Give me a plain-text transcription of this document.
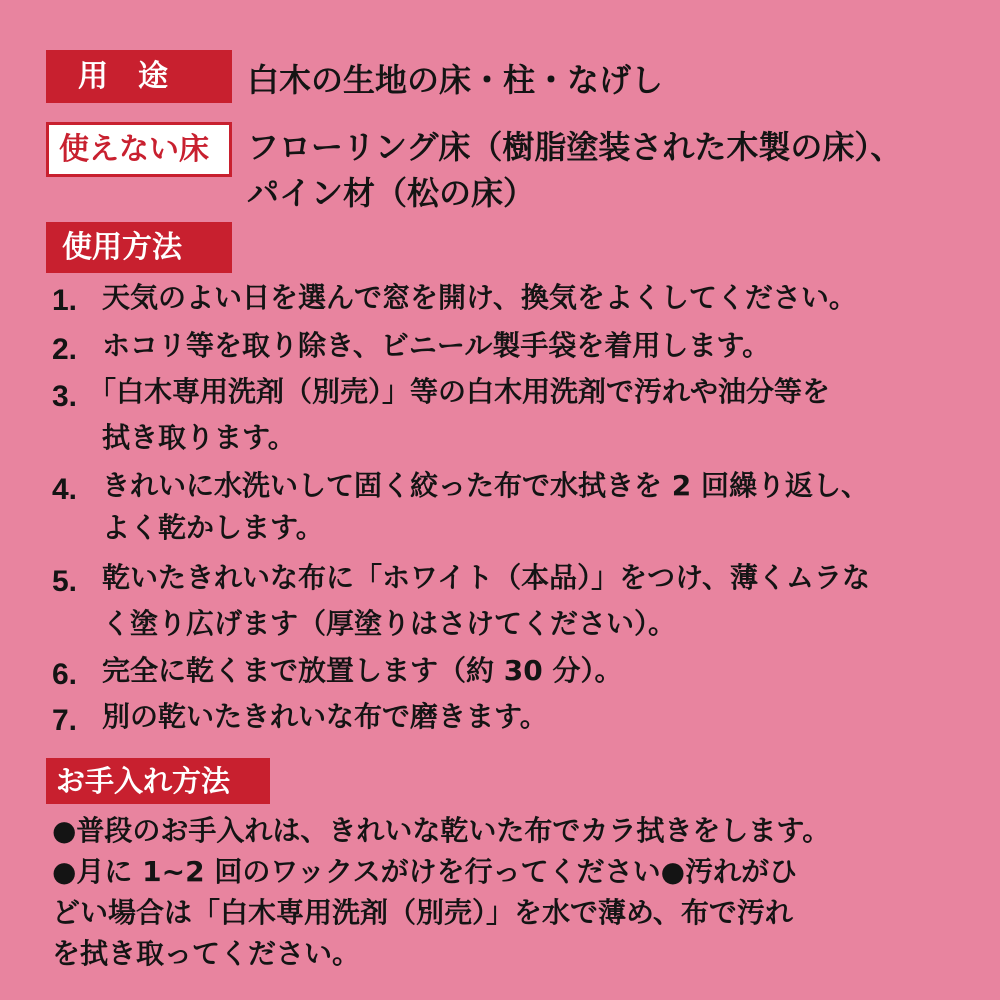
用　途	白木の生地の床・柱・なげし
使えない床	フローリング床（樹脂塗装された木製の床）、
パイン材（松の床）
使用方法
1. 天気のよい日を選んで窓を開け、換気をよくしてください。
2. ホコリ等を取り除き、ビニール製手袋を着用します。
3. 「白木専用洗剤（別売）」等の白木用洗剤で汚れや油分等を
拭き取ります。
4. きれいに水洗いして固く絞った布で水拭きを 2 回繰り返し、
よく乾かします。
5. 乾いたきれいな布に「ホワイト（本品）」をつけ、薄くムラな
く塗り広げます（厚塗りはさけてください）。
6. 完全に乾くまで放置します（約 30 分）。
7. 別の乾いたきれいな布で磨きます。
お手入れ方法
●普段のお手入れは、きれいな乾いた布でカラ拭きをします。
●月に 1~2 回のワックスがけを行ってください●汚れがひ
どい場合は「白木専用洗剤（別売）」を水で薄め、布で汚れ
を拭き取ってください。
